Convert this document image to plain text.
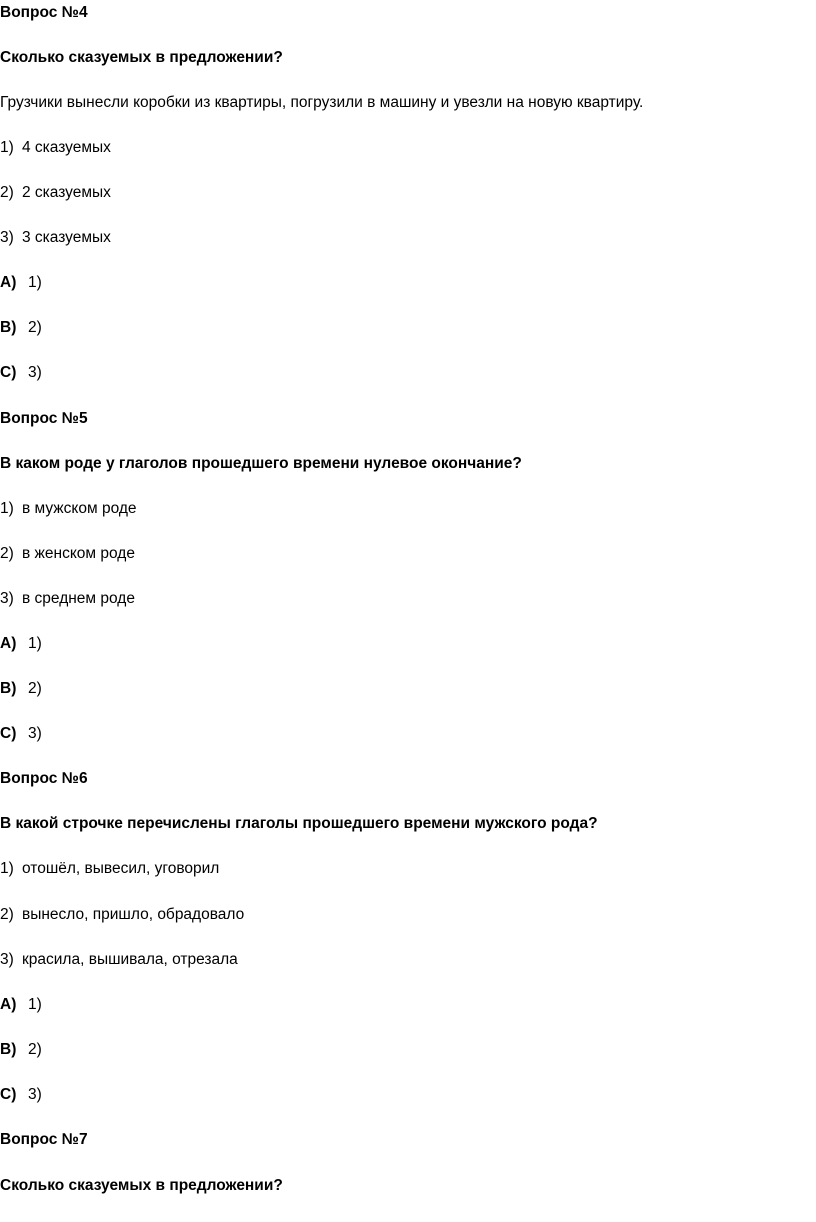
Вопрос №4
Сколько сказуемых в предложении?
Грузчики вынесли коробки из квартиры, погрузили в машину и увезли на новую квартиру.
1) 4 сказуемых
2) 2 сказуемых
3) 3 сказуемых
A) 1)
B) 2)
C) 3)
Вопрос №5
В каком роде у глаголов прошедшего времени нулевое окончание?
1) в мужском роде
2) в женском роде
3) в среднем роде
A) 1)
B) 2)
C) 3)
Вопрос №6
В какой строчке перечислены глаголы прошедшего времени мужского рода?
1) отошёл, вывесил, уговорил
2) вынесло, пришло, обрадовало
3) красила, вышивала, отрезала
A) 1)
B) 2)
C) 3)
Вопрос №7
Сколько сказуемых в предложении?
